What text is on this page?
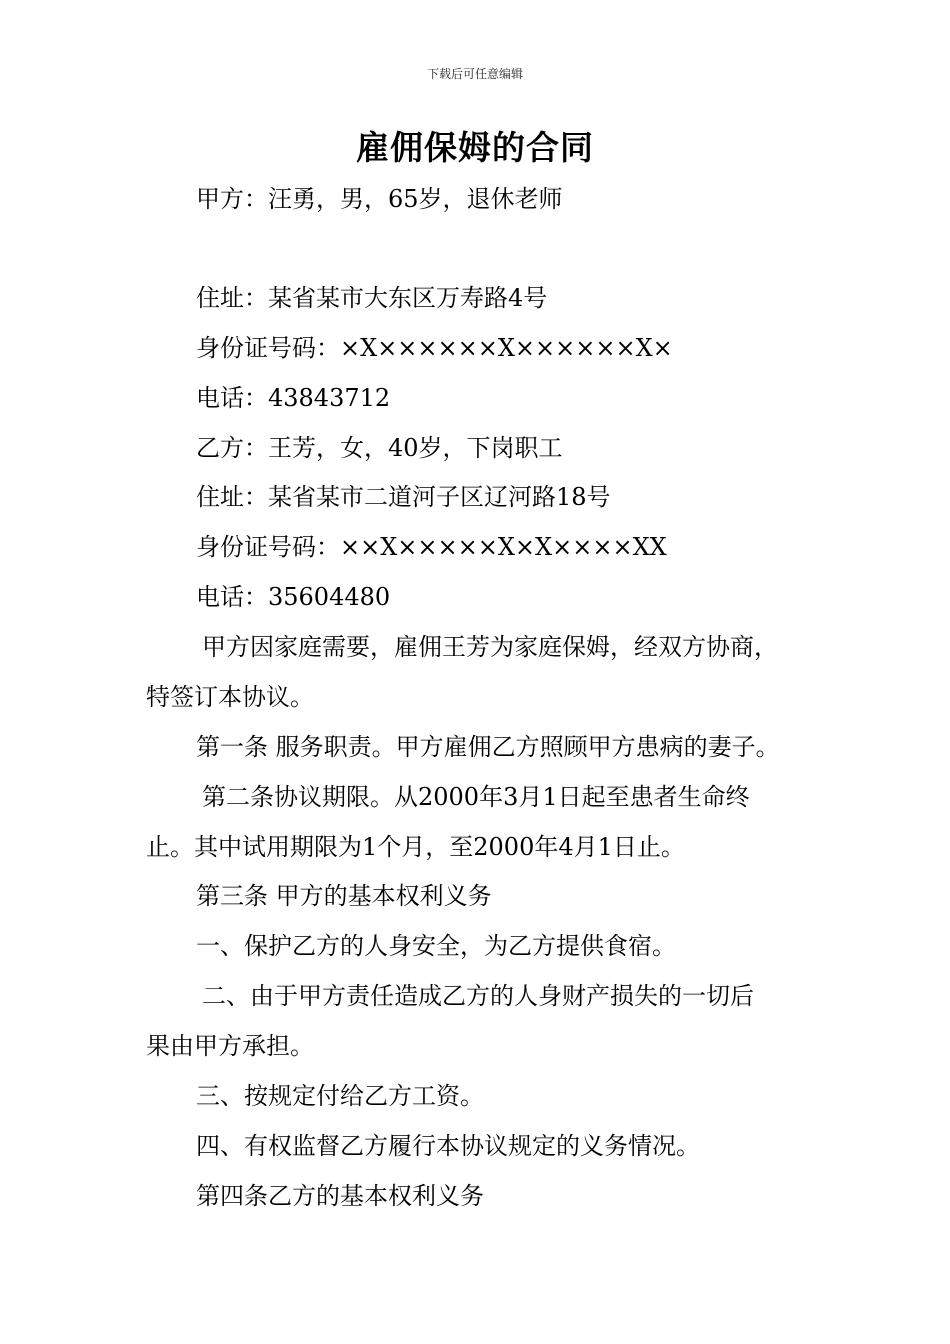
下载后可任意编辑
雇佣保姆的合同
甲方：汪勇，男，65岁，退休老师
住址：某省某市大东区万寿路4号
身份证号码：×X××××××X××××××X×
电话：43843712
乙方：王芳，女，40岁，下岗职工
住址：某省某市二道河子区辽河路18号
身份证号码：××X×××××X×X××××XX
电话：35604480
甲方因家庭需要，雇佣王芳为家庭保姆，经双方协商，
特签订本协议。
第一条 服务职责。甲方雇佣乙方照顾甲方患病的妻子。
第二条协议期限。从2000年3月1日起至患者生命终
止。其中试用期限为1个月，至2000年4月1日止。
第三条 甲方的基本权利义务
一、保护乙方的人身安全，为乙方提供食宿。
二、由于甲方责任造成乙方的人身财产损失的一切后
果由甲方承担。
三、按规定付给乙方工资。
四、有权监督乙方履行本协议规定的义务情况。
第四条乙方的基本权利义务
